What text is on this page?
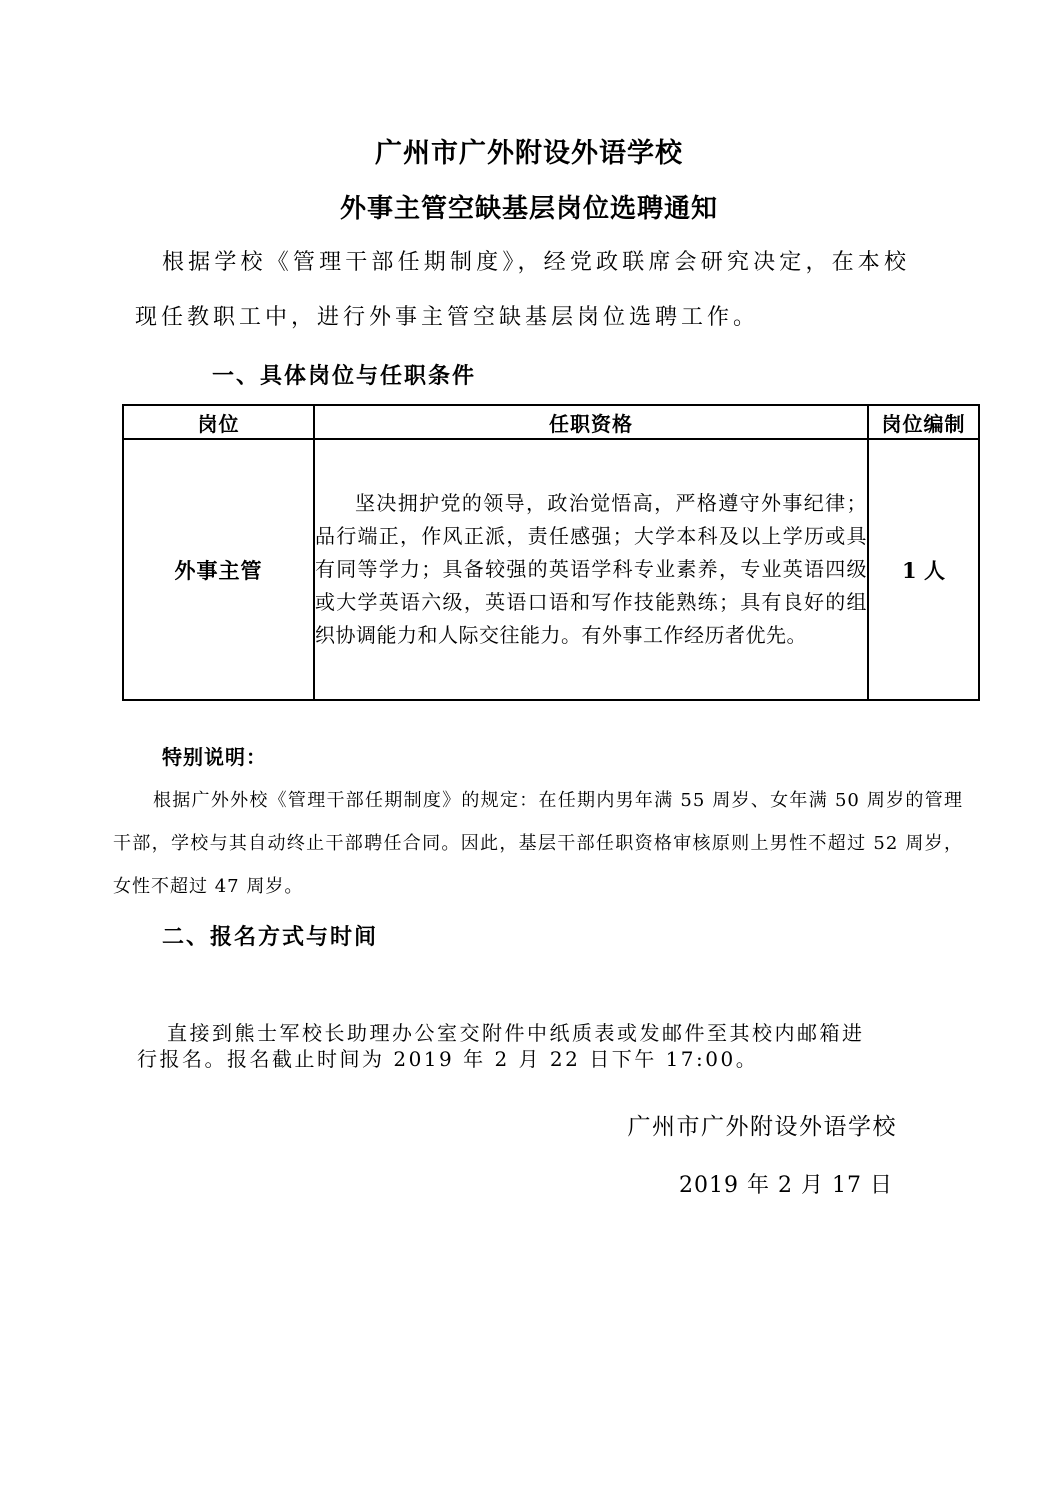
广州市广外附设外语学校
外事主管空缺基层岗位选聘通知

根据学校《管理干部任期制度》，经党政联席会研究决定，在本校现任教职工中，进行外事主管空缺基层岗位选聘工作。

一、具体岗位与任职条件
岗位	任职资格	岗位编制
外事主管	坚决拥护党的领导，政治觉悟高，严格遵守外事纪律；品行端正，作风正派，责任感强；大学本科及以上学历或具有同等学力；具备较强的英语学科专业素养，专业英语四级或大学英语六级，英语口语和写作技能熟练；具有良好的组织协调能力和人际交往能力。有外事工作经历者优先。	1 人
特别说明：

根据广外外校《管理干部任期制度》的规定：在任期内男年满 55 周岁、女年满 50 周岁的管理干部，学校与其自动终止干部聘任合同。因此，基层干部任职资格审核原则上男性不超过 52 周岁，女性不超过 47 周岁。

二、报名方式与时间

直接到熊士军校长助理办公室交附件中纸质表或发邮件至其校内邮箱进行报名。报名截止时间为 2019 年 2 月 22 日下午 17:00。

广州市广外附设外语学校
2019 年 2 月 17 日
